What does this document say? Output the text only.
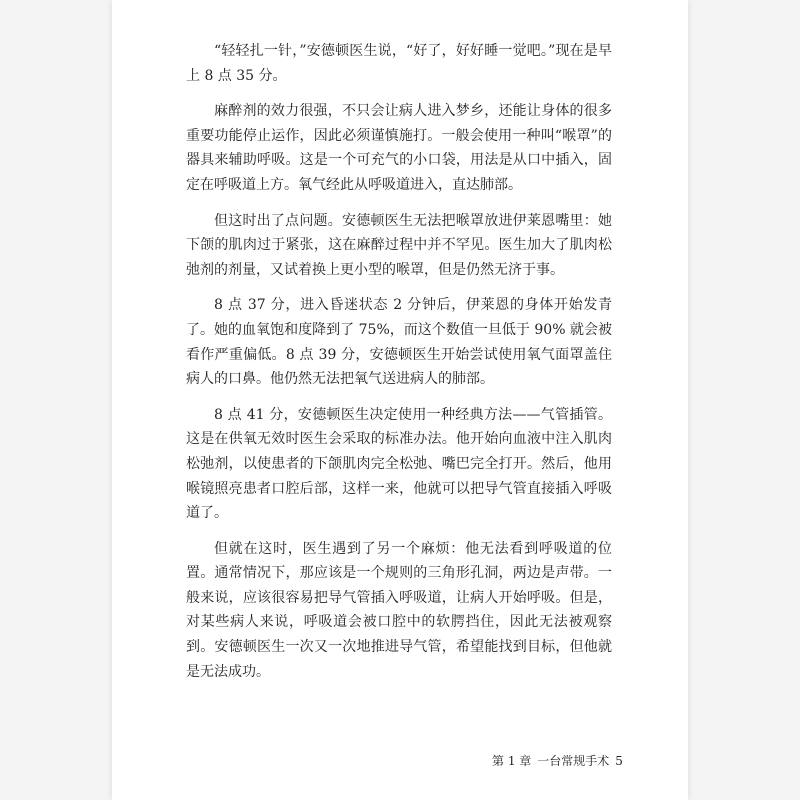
“轻轻扎一针，”安德顿医生说，“好了，好好睡一觉吧。”现在是早上 8 点 35 分。

麻醉剂的效力很强，不只会让病人进入梦乡，还能让身体的很多重要功能停止运作，因此必须谨慎施打。一般会使用一种叫“喉罩”的器具来辅助呼吸。这是一个可充气的小口袋，用法是从口中插入，固定在呼吸道上方。氧气经此从呼吸道进入，直达肺部。

但这时出了点问题。安德顿医生无法把喉罩放进伊莱恩嘴里：她下颌的肌肉过于紧张，这在麻醉过程中并不罕见。医生加大了肌肉松弛剂的剂量，又试着换上更小型的喉罩，但是仍然无济于事。

8 点 37 分，进入昏迷状态 2 分钟后，伊莱恩的身体开始发青了。她的血氧饱和度降到了 75%，而这个数值一旦低于 90% 就会被看作严重偏低。8 点 39 分，安德顿医生开始尝试使用氧气面罩盖住病人的口鼻。他仍然无法把氧气送进病人的肺部。

8 点 41 分，安德顿医生决定使用一种经典方法——气管插管。这是在供氧无效时医生会采取的标准办法。他开始向血液中注入肌肉松弛剂，以使患者的下颌肌肉完全松弛、嘴巴完全打开。然后，他用喉镜照亮患者口腔后部，这样一来，他就可以把导气管直接插入呼吸道了。

但就在这时，医生遇到了另一个麻烦：他无法看到呼吸道的位置。通常情况下，那应该是一个规则的三角形孔洞，两边是声带。一般来说，应该很容易把导气管插入呼吸道，让病人开始呼吸。但是，对某些病人来说，呼吸道会被口腔中的软腭挡住，因此无法被观察到。安德顿医生一次又一次地推进导气管，希望能找到目标，但他就是无法成功。

第 1 章 一台常规手术 5
